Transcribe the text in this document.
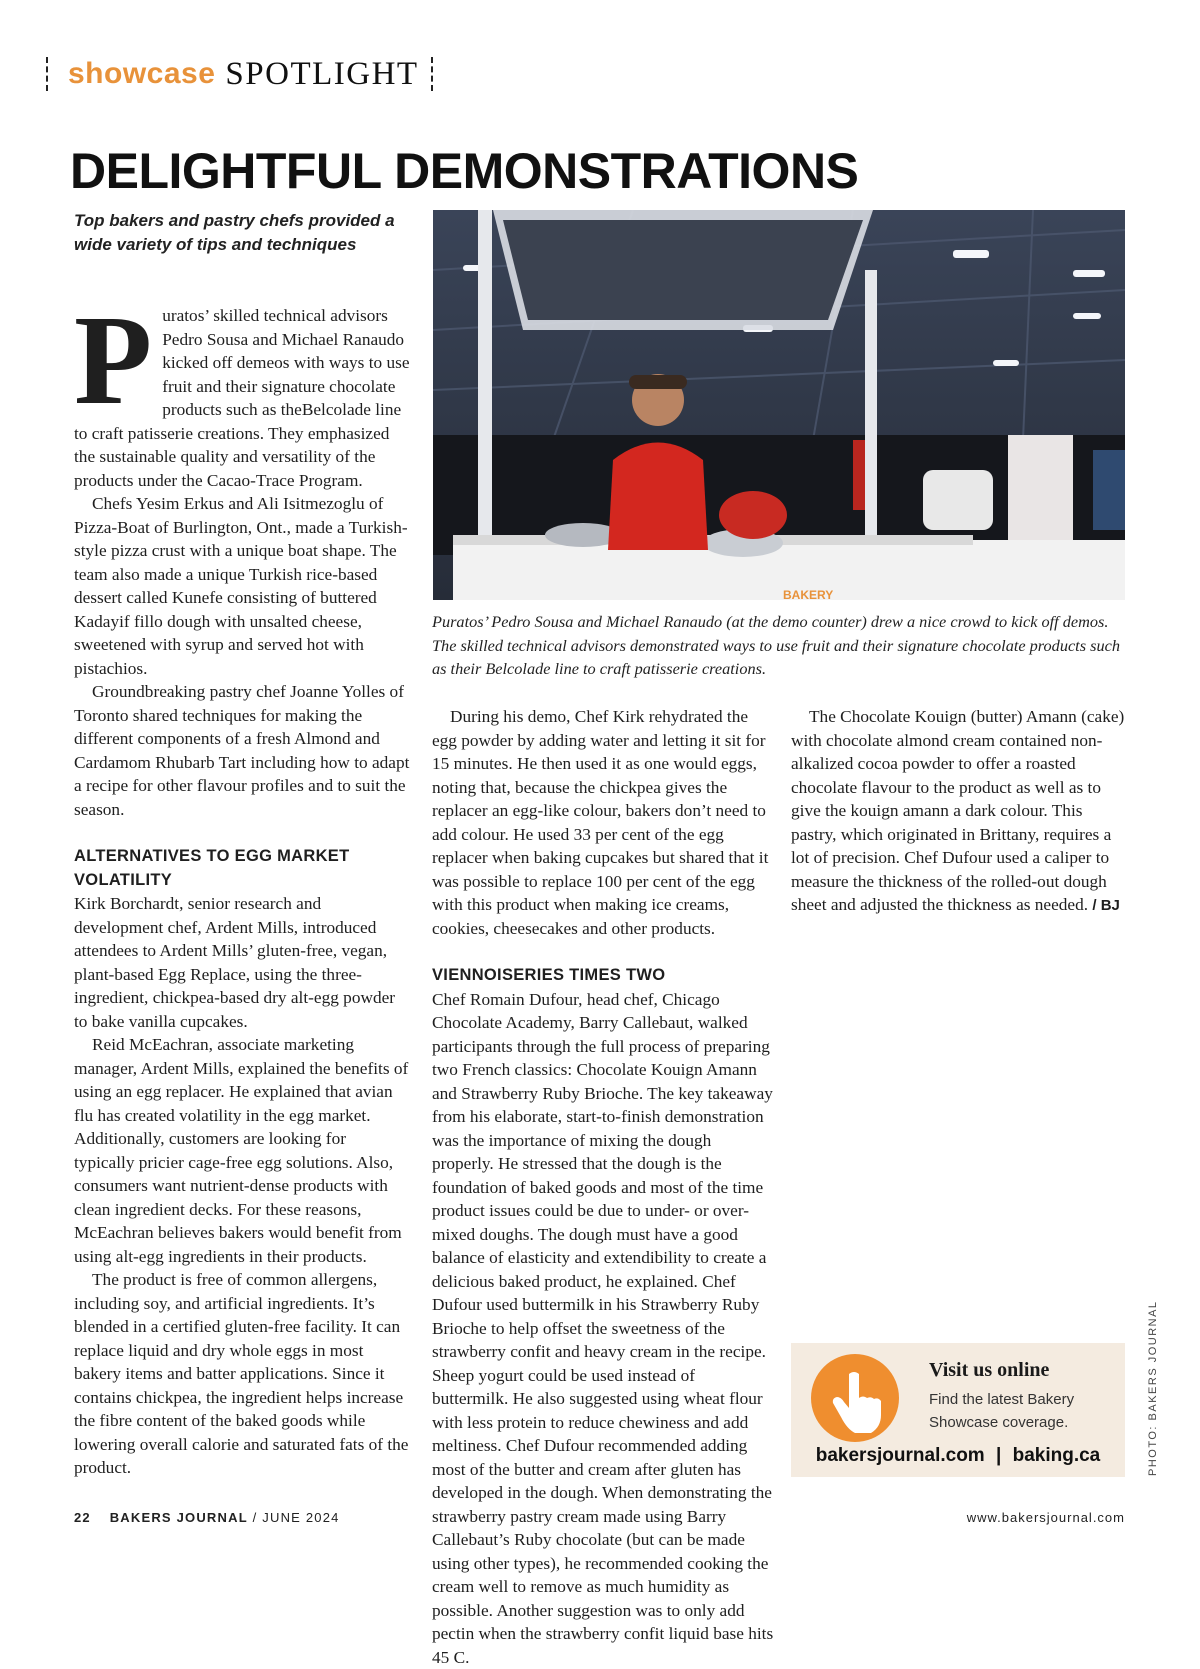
showcase SPOTLIGHT
DELIGHTFUL DEMONSTRATIONS

Top bakers and pastry chefs provided a wide variety of tips and techniques

Puratos’ skilled technical advisors Pedro Sousa and Michael Ranaudo kicked off demeos with ways to use fruit and their signature chocolate products such as theBelcolade line to craft patisserie creations. They emphasized the sustainable quality and versatility of the products under the Cacao-Trace Program.

Chefs Yesim Erkus and Ali Isitmezoglu of Pizza-Boat of Burlington, Ont., made a Turkish-style pizza crust with a unique boat shape. The team also made a unique Turkish rice-based dessert called Kunefe consisting of buttered Kadayif fillo dough with unsalted cheese, sweetened with syrup and served hot with pistachios.

Groundbreaking pastry chef Joanne Yolles of Toronto shared techniques for making the different components of a fresh Almond and Cardamom Rhubarb Tart including how to adapt a recipe for other flavour profiles and to suit the season.

ALTERNATIVES TO EGG MARKET VOLATILITY

Kirk Borchardt, senior research and development chef, Ardent Mills, introduced attendees to Ardent Mills’ gluten-free, vegan, plant-based Egg Replace, using the three-ingredient, chickpea-based dry alt-egg powder to bake vanilla cupcakes.

Reid McEachran, associate marketing manager, Ardent Mills, explained the benefits of using an egg replacer. He explained that avian flu has created volatility in the egg market. Additionally, customers are looking for typically pricier cage-free egg solutions. Also, consumers want nutrient-dense products with clean ingredient decks. For these reasons, McEachran believes bakers would benefit from using alt-egg ingredients in their products.

The product is free of common allergens, including soy, and artificial ingredients. It’s blended in a certified gluten-free facility. It can replace liquid and dry whole eggs in most bakery items and batter applications. Since it contains chickpea, the ingredient helps increase the fibre content of the baked goods while lowering overall calorie and saturated fats of the product.

BAKERY

Puratos’ Pedro Sousa and Michael Ranaudo (at the demo counter) drew a nice crowd to kick off demos. The skilled technical advisors demonstrated ways to use fruit and their signature chocolate products such as their Belcolade line to craft patisserie creations.

During his demo, Chef Kirk rehydrated the egg powder by adding water and letting it sit for 15 minutes. He then used it as one would eggs, noting that, because the chickpea gives the replacer an egg-like colour, bakers don’t need to add colour. He used 33 per cent of the egg replacer when baking cupcakes but shared that it was possible to replace 100 per cent of the egg with this product when making ice creams, cookies, cheesecakes and other products.

VIENNOISERIES TIMES TWO

Chef Romain Dufour, head chef, Chicago Chocolate Academy, Barry Callebaut, walked participants through the full process of preparing two French classics: Chocolate Kouign Amann and Strawberry Ruby Brioche. The key takeaway from his elaborate, start-to-finish demonstration was the importance of mixing the dough properly. He stressed that the dough is the foundation of baked goods and most of the time product issues could be due to under- or over-mixed doughs. The dough must have a good balance of elasticity and extendibility to create a delicious baked product, he explained. Chef Dufour used buttermilk in his Strawberry Ruby Brioche to help offset the sweetness of the strawberry confit and heavy cream in the recipe. Sheep yogurt could be used instead of buttermilk. He also suggested using wheat flour with less protein to reduce chewiness and add meltiness. Chef Dufour recommended adding most of the butter and cream after gluten has developed in the dough. When demonstrating the strawberry pastry cream made using Barry Callebaut’s Ruby chocolate (but can be made using other types), he recommended cooking the cream well to remove as much humidity as possible. Another suggestion was to only add pectin when the strawberry confit liquid base hits 45 C.

The Chocolate Kouign (butter) Amann (cake) with chocolate almond cream contained non-alkalized cocoa powder to offer a roasted chocolate flavour to the product as well as to give the kouign amann a dark colour. This pastry, which originated in Brittany, requires a lot of precision. Chef Dufour used a caliper to measure the thickness of the rolled-out dough sheet and adjusted the thickness as needed. / BJ

Visit us online
Find the latest Bakery Showcase coverage.
bakersjournal.com | baking.ca	PHOTO: BAKERS JOURNAL
22 BAKERS JOURNAL / JUNE 2024	www.bakersjournal.com
